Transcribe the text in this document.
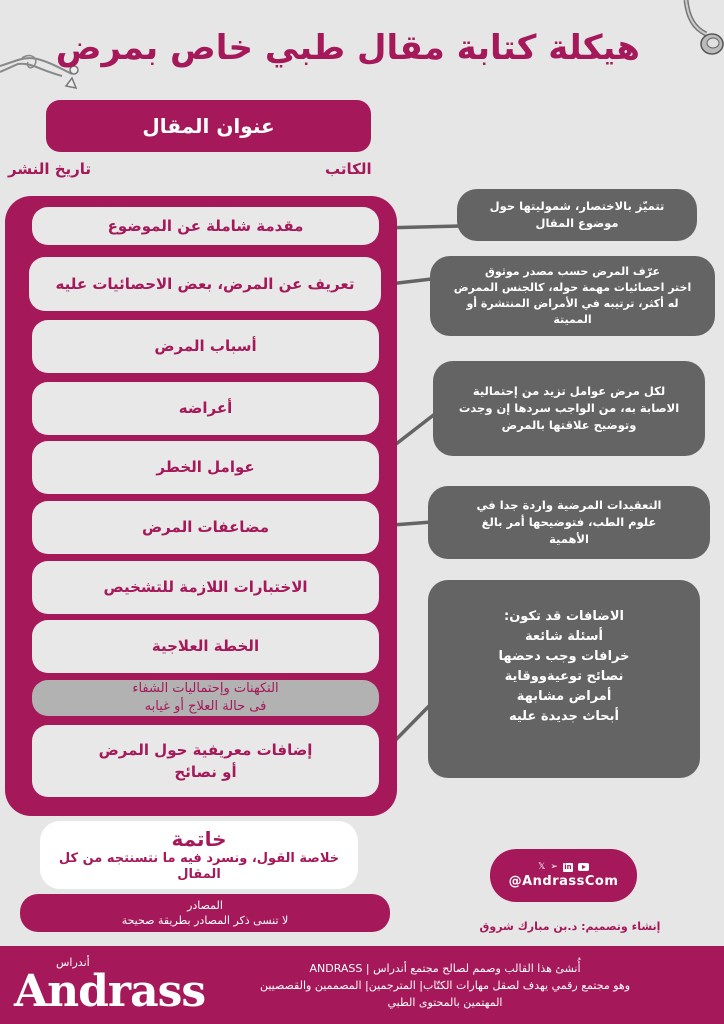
هيكلة كتابة مقال طبي خاص بمرض
عنوان المقال
الكاتب
تاريخ النشر
مقدمة شاملة عن الموضوع
تعريف عن المرض، بعض الاحصائيات عليه
أسباب المرض
أعراضه
عوامل الخطر
مضاعفات المرض
الاختبارات اللازمة للتشخيص
الخطة العلاجية
التكهنات وإحتماليات الشفاء
فى حالة العلاج أو غيابه
إضافات معريفية حول المرض
أو نصائح
تتميّز بالاختصار، شموليتها حول
موضوع المقال
عرّف المرض حسب مصدر موثوق
اختر احصائيات مهمة حوله، كالجنس الممرض
له أكثر، ترتيبه في الأمراض المنتشرة أو
المميتة
لكل مرض عوامل تزيد من إحتمالية
الاصابة به، من الواجب سردها إن وجدت
وتوضيح علاقتها بالمرض
التعقيدات المرضية واردة جدا في
علوم الطب، فتوضيحها أمر بالغ
الأهمية
الاضافات قد تكون:
أسئلة شائعة
خرافات وجب دحضها
نصائح توعيةووقاية
أمراض مشابهة
أبحاث جديدة عليه
خاتمة
خلاصة القول، ونسرد فيه ما نتسنتجه من كل المقال
المصادر
لا تنسى ذكر المصادر بطريقة صحيحة
𝕏 ➢ in
@AndrassCom
إنشاء وتصميم: د.بن مبارك شروق
أندراس
Andrass	أُنشئ هذا القالب وصمم لصالح مجتمع أندراس | ANDRASS
وهو مجتمع رقمي يهدف لصقل مهارات الكتّاب| المترجمين| المصممين والقصصيين
المهتمين بالمحتوى الطبي
